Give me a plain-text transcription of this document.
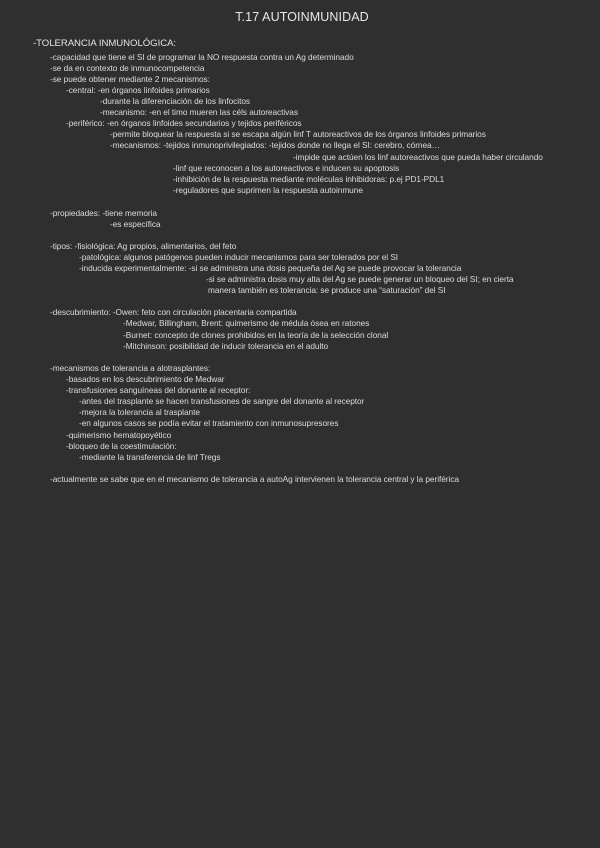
T.17 AUTOINMUNIDAD
-TOLERANCIA INMUNOLÓGICA:
-capacidad que tiene el SI de programar la NO respuesta contra un Ag determinado
-se da en contexto de inmunocompetencia
-se puede obtener mediante 2 mecanismos:
-central: -en órganos linfoides primarios
-durante la diferenciación de los linfocitos
-mecanismo: -en el timo mueren las céls autoreactivas
-periférico: -en órganos linfoides secundarios y tejidos periféricos
-permite bloquear la respuesta si se escapa algún linf T autoreactivos de los órganos linfoides primarios
-mecanismos: -tejidos inmunoprivilegiados: -tejidos donde no llega el SI: cerebro, córnea…
-impide que actúen los linf autoreactivos que pueda haber circulando
-linf que reconocen a los autoreactivos e inducen su apoptosis
-inhibición de la respuesta mediante moléculas inhibidoras: p.ej PD1-PDL1
-reguladores que suprimen la respuesta autoinmune
-propiedades: -tiene memoria
-es específica
-tipos: -fisiológica: Ag propios, alimentarios, del feto
-patológica: algunos patógenos pueden inducir mecanismos para ser tolerados por el SI
-inducida experimentalmente: -si se administra una dosis pequeña del Ag se puede provocar la tolerancia
-si se administra dosis muy alta del Ag se puede generar un bloqueo del SI; en cierta
manera también es tolerancia: se produce una “saturación” del SI
-descubrimiento: -Owen: feto con circulación placentaria compartida
-Medwar, Billingham, Brent: quimerismo de médula ósea en ratones
-Burnet: concepto de clones prohibidos en la teoría de la selección clonal
-Mitchinson: posibilidad de inducir tolerancia en el adulto
-mecanismos de tolerancia a alotrasplantes:
-basados en los descubrimiento de Medwar
-transfusiones sanguíneas del donante al receptor:
-antes del trasplante se hacen transfusiones de sangre del donante al receptor
-mejora la tolerancia al trasplante
-en algunos casos se podía evitar el tratamiento con inmunosupresores
-quimerismo hematopoyético
-bloqueo de la coestimulación:
-mediante la transferencia de linf Tregs
-actualmente se sabe que en el mecanismo de tolerancia a autoAg intervienen la tolerancia central y la periférica
